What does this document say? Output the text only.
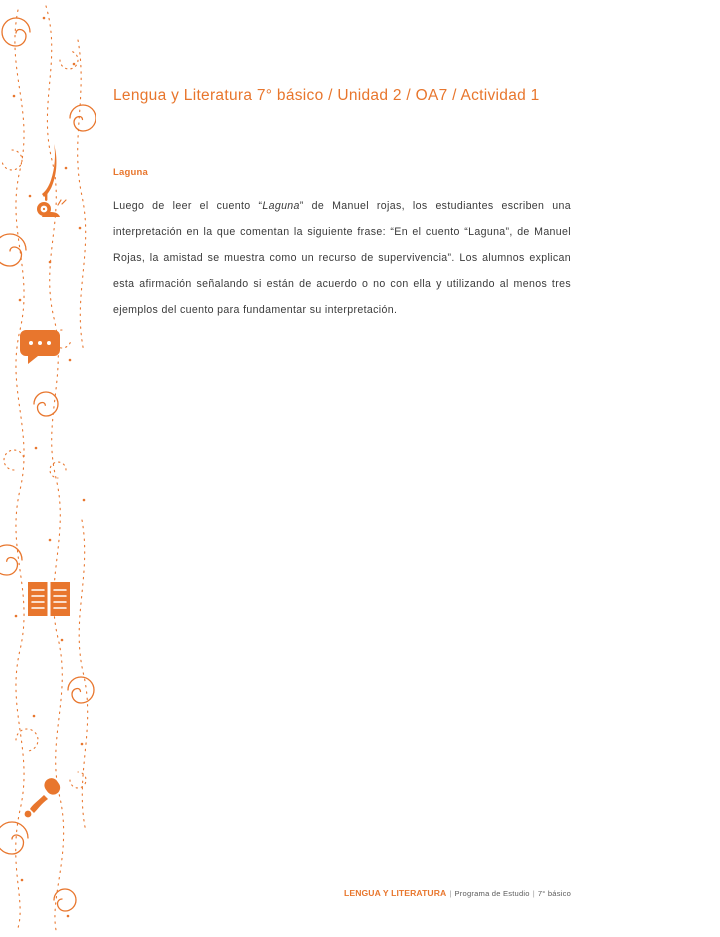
Lengua y Literatura 7° básico / Unidad 2 / OA7 / Actividad 1
Laguna

Luego de leer el cuento “Laguna” de Manuel rojas, los estudiantes escriben una interpretación en la que comentan la siguiente frase: “En el cuento “Laguna”, de Manuel Rojas, la amistad se muestra como un recurso de supervivencia”. Los alumnos explican esta afirmación señalando si están de acuerdo o no con ella y utilizando al menos tres ejemplos del cuento para fundamentar su interpretación.

LENGUA Y LITERATURA | Programa de Estudio | 7° básico
